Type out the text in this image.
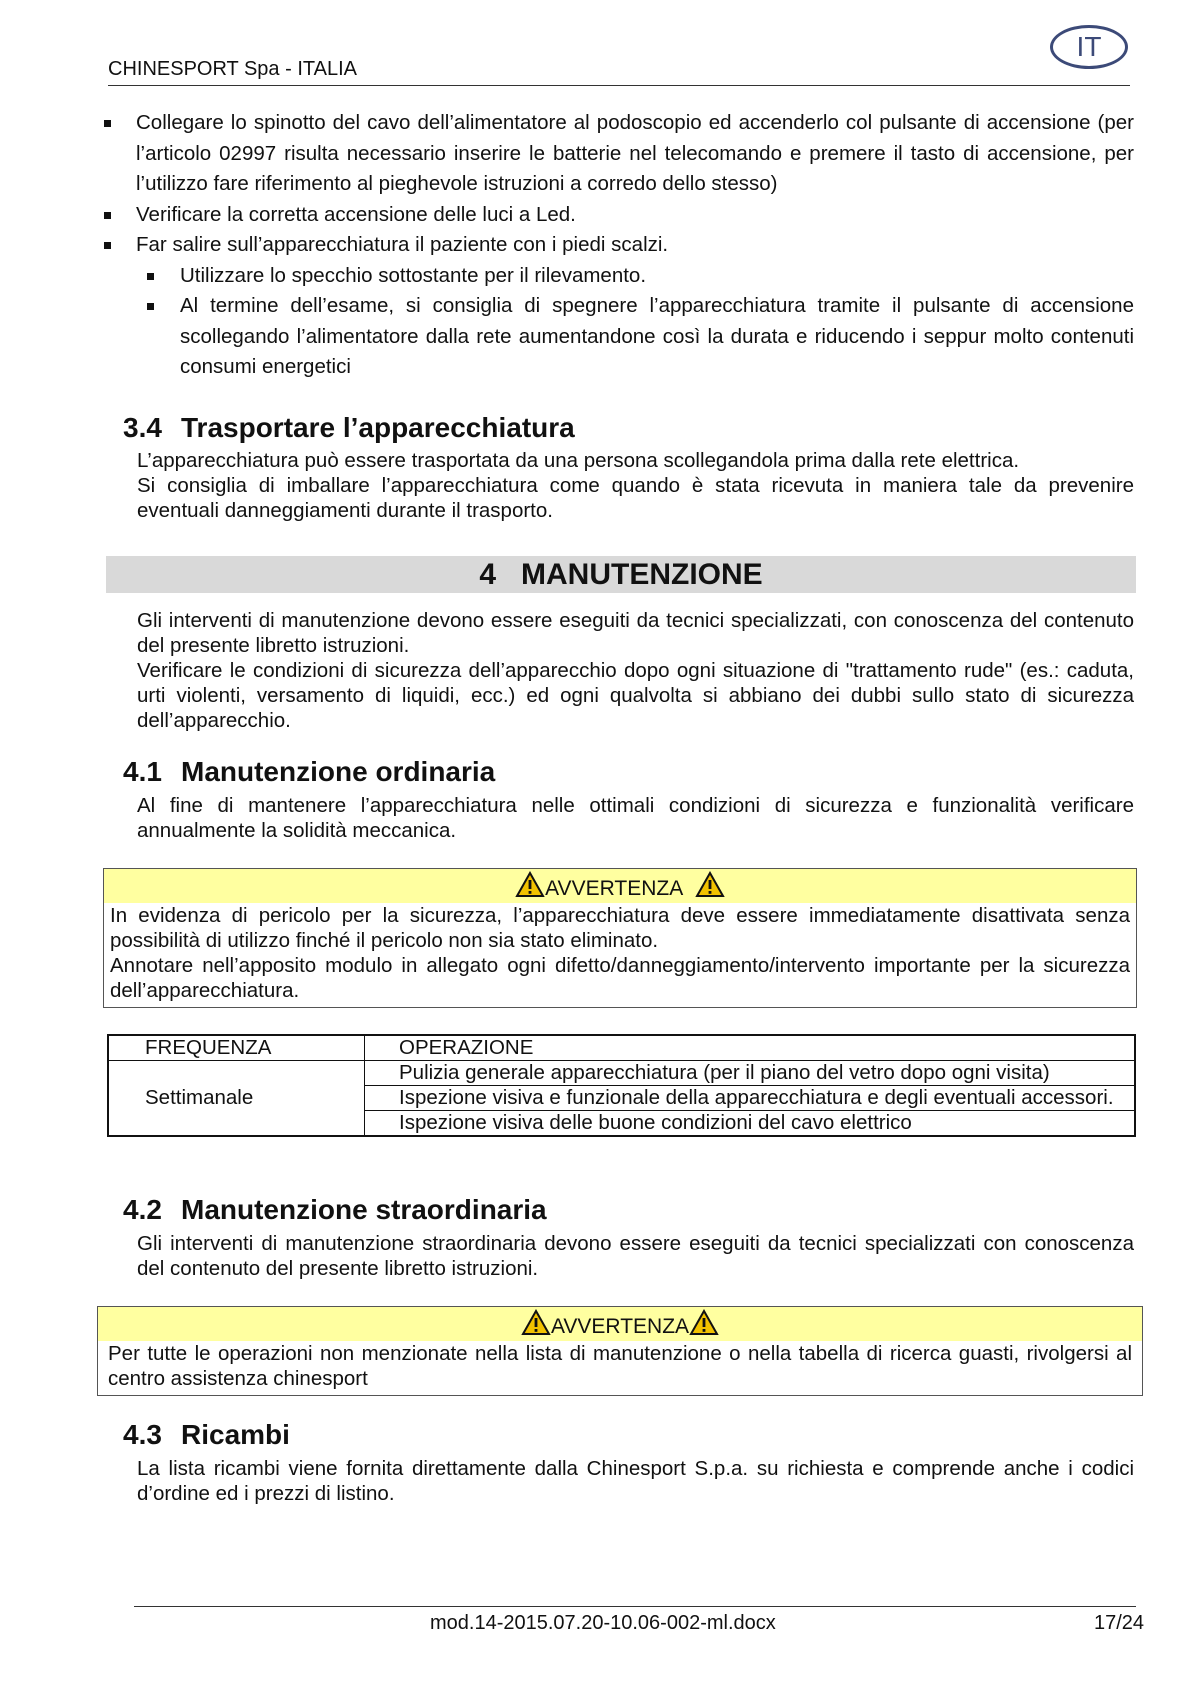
CHINESPORT Spa - ITALIA
IT
Collegare lo spinotto del cavo dell’alimentatore al podoscopio ed accenderlo col pulsante di accensione (per l’articolo 02997 risulta necessario inserire le batterie nel telecomando e premere il tasto di accensione, per l’utilizzo fare riferimento al pieghevole istruzioni a corredo dello stesso)
Verificare la corretta accensione delle luci a Led.
Far salire sull’apparecchiatura il paziente con i piedi scalzi.
Utilizzare lo specchio sottostante per il rilevamento.
Al termine dell’esame, si consiglia di spegnere l’apparecchiatura tramite il pulsante di accensione scollegando l’alimentatore dalla rete aumentandone così la durata e riducendo i seppur molto contenuti consumi energetici
3.4 Trasportare l’apparecchiatura
L’apparecchiatura può essere trasportata da una persona scollegandola prima dalla rete elettrica.
Si consiglia di imballare l’apparecchiatura come quando è stata ricevuta in maniera tale da prevenire eventuali danneggiamenti durante il trasporto.
4 MANUTENZIONE
Gli interventi di manutenzione devono essere eseguiti da tecnici specializzati, con conoscenza del contenuto del presente libretto istruzioni.
Verificare le condizioni di sicurezza dell’apparecchio dopo ogni situazione di "trattamento rude" (es.: caduta, urti violenti, versamento di liquidi, ecc.) ed ogni qualvolta si abbiano dei dubbi sullo stato di sicurezza dell’apparecchio.
4.1 Manutenzione ordinaria
Al fine di mantenere l’apparecchiatura nelle ottimali condizioni di sicurezza e funzionalità verificare annualmente la solidità meccanica.
AVVERTENZA
In evidenza di pericolo per la sicurezza, l’apparecchiatura deve essere immediatamente disattivata senza possibilità di utilizzo finché il pericolo non sia stato eliminato.
Annotare nell’apposito modulo in allegato ogni difetto/danneggiamento/intervento importante per la sicurezza dell’apparecchiatura.
FREQUENZA	OPERAZIONE
Settimanale	Pulizia generale apparecchiatura (per il piano del vetro dopo ogni visita)
	Ispezione visiva e funzionale della apparecchiatura e degli eventuali accessori.
	Ispezione visiva delle buone condizioni del cavo elettrico
4.2 Manutenzione straordinaria
Gli interventi di manutenzione straordinaria devono essere eseguiti da tecnici specializzati con conoscenza del contenuto del presente libretto istruzioni.
AVVERTENZA
Per tutte le operazioni non menzionate nella lista di manutenzione o nella tabella di ricerca guasti, rivolgersi al centro assistenza chinesport
4.3 Ricambi
La lista ricambi viene fornita direttamente dalla Chinesport S.p.a. su richiesta e comprende anche i codici d’ordine ed i prezzi di listino.
mod.14-2015.07.20-10.06-002-ml.docx	17/24
